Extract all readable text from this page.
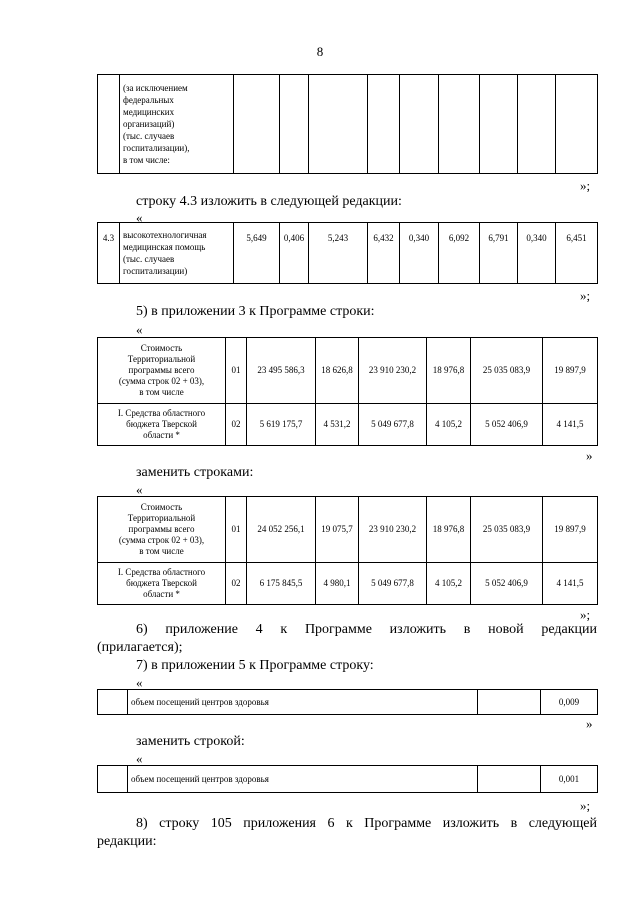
8

(за исключением
федеральных
медицинских
организаций)
(тыс. случаев
госпитализации),
в том числе:

»;
строку 4.3 изложить в следующей редакции:
«
4.3	высокотехнологичная
медицинская помощь
(тыс. случаев
госпитализации)
	5,649	0,406	5,243	6,432	0,340	6,092	6,791	0,340	6,451
»;
5) в приложении 3 к Программе строки:
«
Стоимость
Территориальной
программы всего
(сумма строк 02 + 03),
в том числе	01	23 495 586,3	18 626,8	23 910 230,2	18 976,8	25 035 083,9	19 897,9

I. Средства областного
бюджета Тверской
области *	02	5 619 175,7	4 531,2	5 049 677,8	4 105,2	5 052 406,9	4 141,5
»
заменить строками:
«
Стоимость
Территориальной
программы всего
(сумма строк 02 + 03),
в том числе	01	24 052 256,1	19 075,7	23 910 230,2	18 976,8	25 035 083,9	19 897,9

I. Средства областного
бюджета Тверской
области *	02	6 175 845,5	4 980,1	5 049 677,8	4 105,2	5 052 406,9	4 141,5
»;
6) приложение 4 к Программе изложить в новой редакции
(прилагается);
7) в приложении 5 к Программе строку:
«
	объем посещений центров здоровья		0,009
»
заменить строкой:
«
	объем посещений центров здоровья		0,001
»;
8) строку 105 приложения 6 к Программе изложить в следующей
редакции:
